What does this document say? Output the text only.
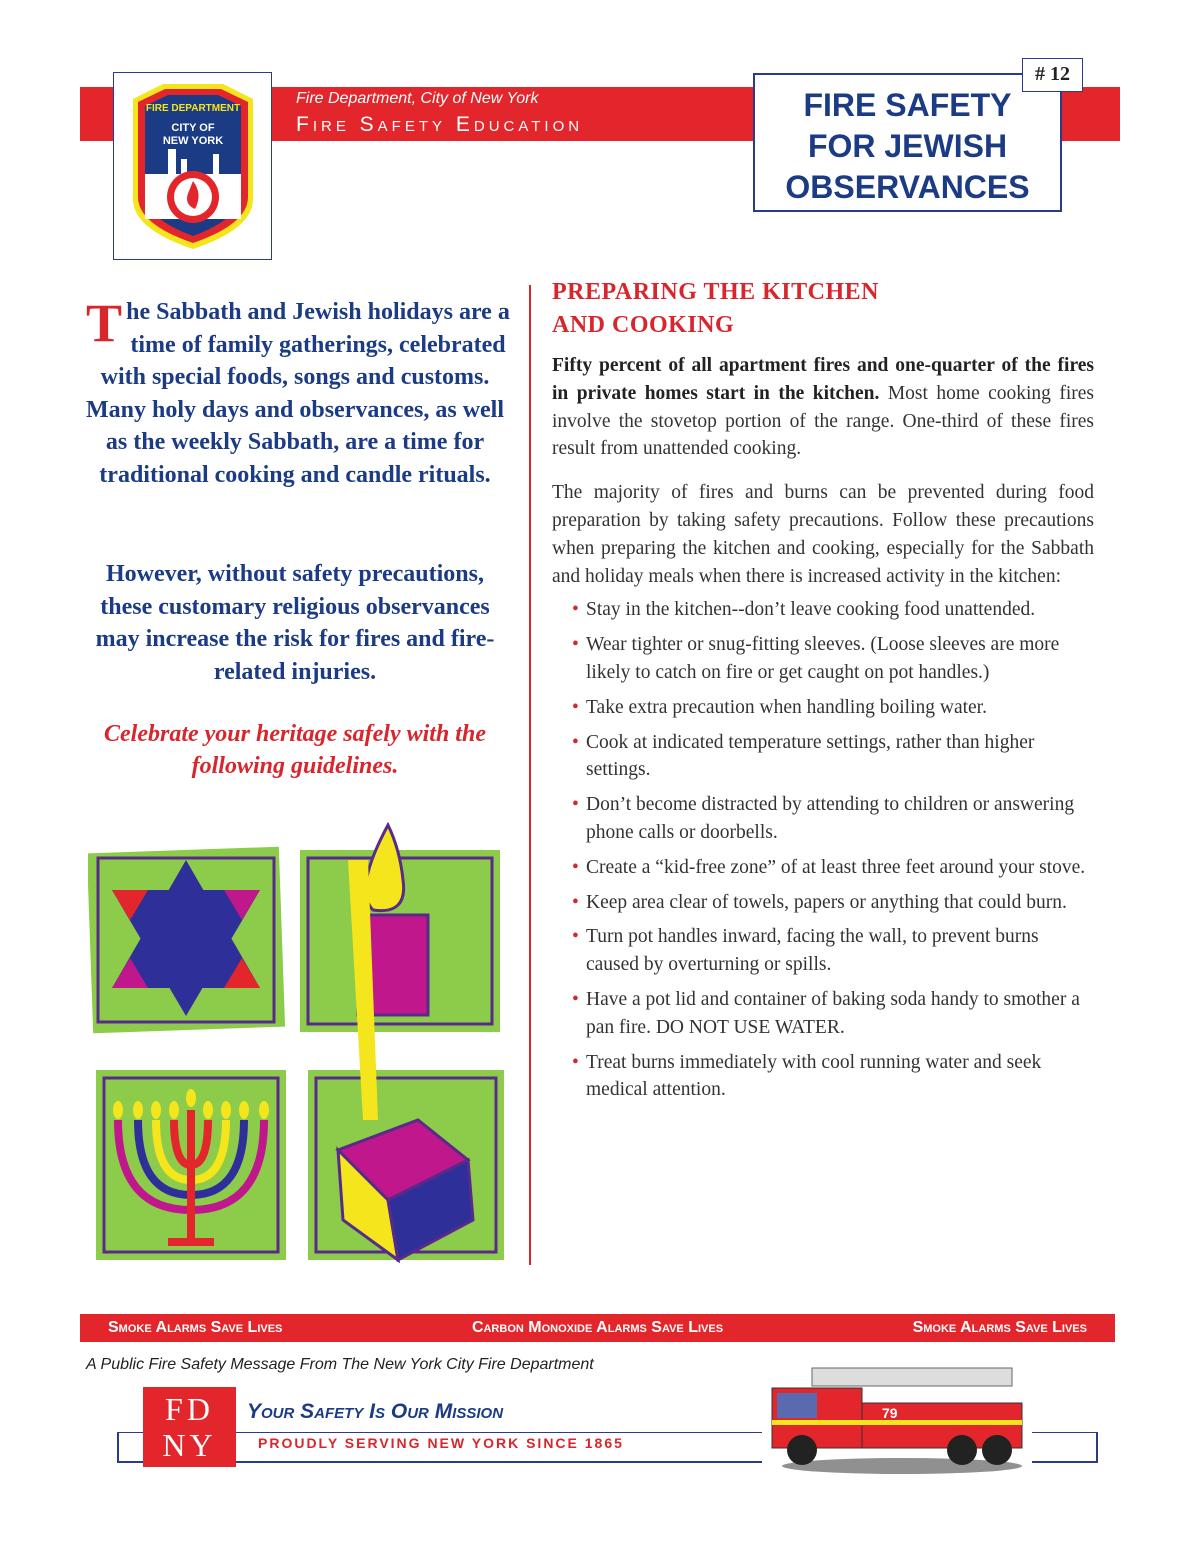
CITY OF
NEW YORK
FIRE DEPARTMENT
Fire Department, City of New York
Fire Safety Education
FIRE SAFETY
FOR JEWISH
OBSERVANCES
# 12
The Sabbath and Jewish holidays are a time of family gatherings, celebrated with special foods, songs and customs. Many holy days and observances, as well as the weekly Sabbath, are a time for traditional cooking and candle rituals.
However, without safety precautions, these customary religious observances may increase the risk for fires and fire-related injuries.
Celebrate your heritage safely with the following guidelines.
PREPARING THE KITCHEN
AND COOKING

Fifty percent of all apartment fires and one-quarter of the fires in private homes start in the kitchen. Most home cooking fires involve the stovetop portion of the range. One-third of these fires result from unattended cooking.

The majority of fires and burns can be prevented during food preparation by taking safety precautions. Follow these precautions when preparing the kitchen and cooking, especially for the Sabbath and holiday meals when there is increased activity in the kitchen:

• Stay in the kitchen--don’t leave cooking food unattended.
• Wear tighter or snug-fitting sleeves. (Loose sleeves are more likely to catch on fire or get caught on pot handles.)
• Take extra precaution when handling boiling water.
• Cook at indicated temperature settings, rather than higher settings.
• Don’t become distracted by attending to children or answering phone calls or doorbells.
• Create a “kid-free zone” of at least three feet around your stove.
• Keep area clear of towels, papers or anything that could burn.
• Turn pot handles inward, facing the wall, to prevent burns caused by overturning or spills.
• Have a pot lid and container of baking soda handy to smother a pan fire. DO NOT USE WATER.
• Treat burns immediately with cool running water and seek medical attention.
Smoke Alarms Save Lives	Carbon Monoxide Alarms Save Lives	Smoke Alarms Save Lives
A Public Fire Safety Message From The New York City Fire Department
FD
NY
Your Safety Is Our Mission
PROUDLY SERVING NEW YORK SINCE 1865
79
